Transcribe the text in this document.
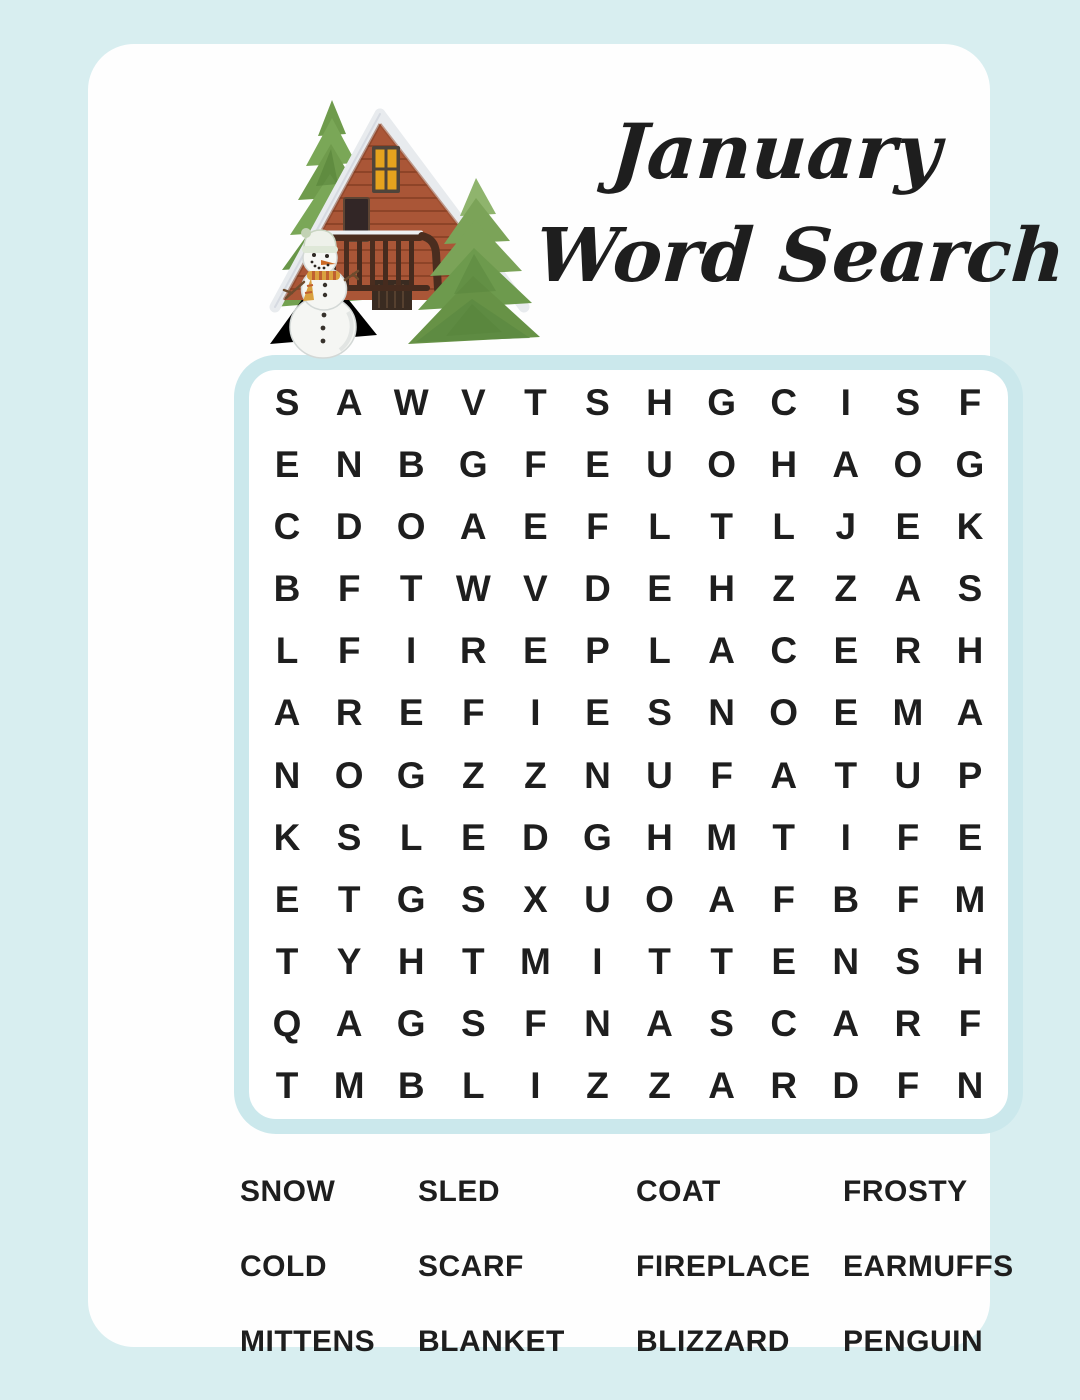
January
Word Search
S A W V	T	S H G C	I	S	F
E N B G F	E U O H A O G
C D O A E	F	L	T	L	J	E K
B	F	T W V D E H	Z	Z	A S
L	F	I	R E	P	L	A C E R H
A R E	F	I	E	S N O E M A
N O G Z	Z	N U	F	A	T	U P
K S	L	E D G H M T	I	F	E
E	T G S	X U O A	F	B	F M
T	Y H	T M	I	T	T	E N S H
Q A G S	F	N A S C A R	F
T M B	L	I	Z	Z	A R D	F	N
SNOW	SLED	COAT	FROSTY
COLD	SCARF	FIREPLACE	EARMUFFS
MITTENS	BLANKET	BLIZZARD	PENGUIN
